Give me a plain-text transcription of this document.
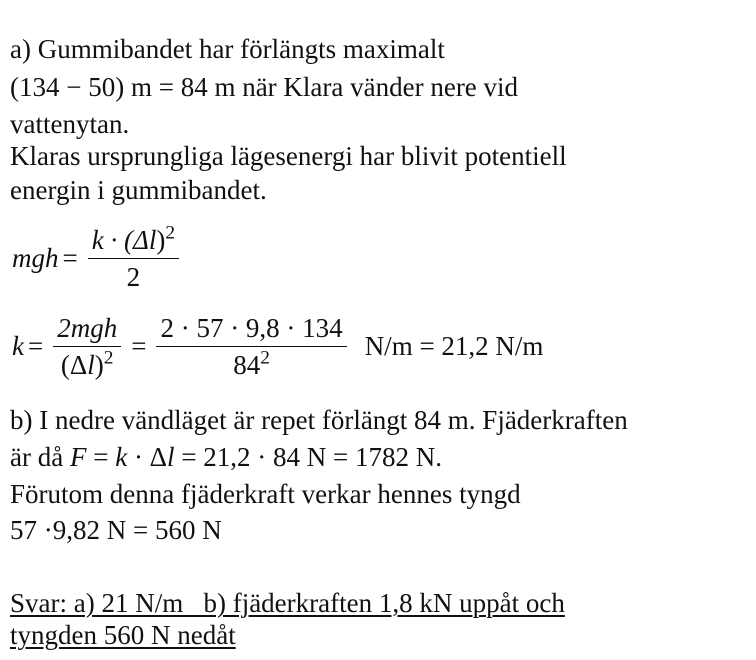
a) Gummibandet har förlängts maximalt
(134 − 50) m = 84 m när Klara vänder nere vid
vattenytan.
Klaras ursprungliga lägesenergi har blivit potentiell
energin i gummibandet.
mgh = $\frac{k \cdot (\Delta l)^2}{2}$
$k = \frac{\text{2mgh}}{(\Delta l)^2} = \frac{2 \cdot 57 \cdot 9,8 \cdot 134}{84^2} N/m = 21,2$ N/m
b) I nedre vändläget är repet förlängt 84 m. Fjäderkraften
är då F = k · Δl = 21,2 · 84 N = 1782 N.
Förutom denna fjäderkraft verkar hennes tyngd
57 ·9,82 N = 560 N
Svar: a) 21 N/m   b) fjäderkraften 1,8 kN uppåt och
tyngden 560 N nedåt
